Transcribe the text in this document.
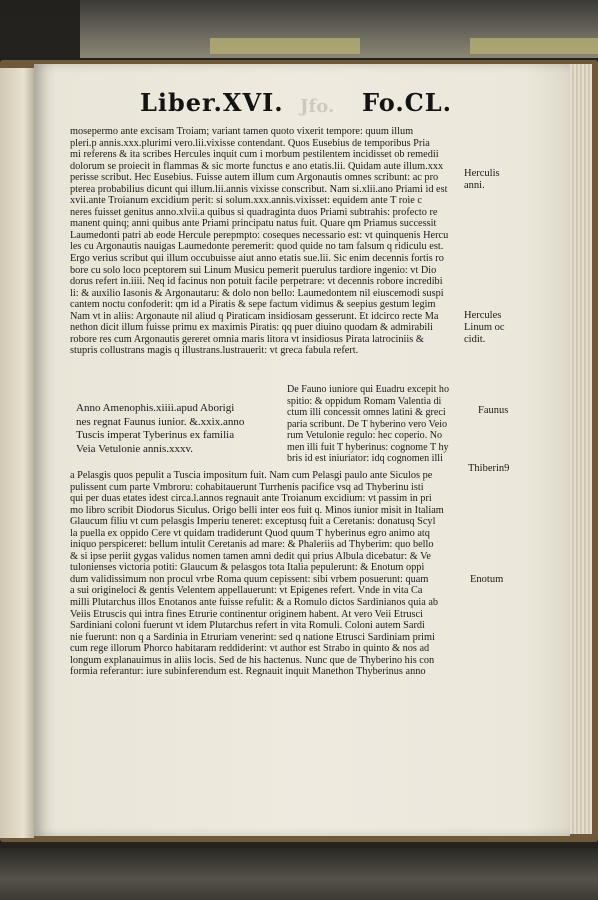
Jfo.
Liber.XVI.	Fo.CL.
mosepermo ante excisam Troiam; variant tamen quoto vixerit tempore: quum illum
pleri.p annis.xxx.plurimi vero.lii.vixisse contendant. Quos Eusebius de temporibus Pria
mi referens & ita scribes Hercules inquit cum i morbum pestilentem incidisset ob remedii
dolorum se proiecit in flammas & sic morte functus e ano etatis.lii. Quidam aute illum.xxx
perisse scribut. Hec Eusebius. Fuisse autem illum cum Argonautis omnes scribunt: ac pro
pterea probabilius dicunt qui illum.lii.annis vixisse conscribut. Nam si.xlii.ano Priami id est
xvii.ante Troianum excidium perit: si solum.xxx.annis.vixisset: equidem ante T roie c
neres fuisset genitus anno.xlvii.a quibus si quadraginta duos Priami subtrahis: profecto re
manent quinq; anni quibus ante Priami principatu natus fuit. Quare qm Priamus successit
Laumedonti patri ab eode Hercule perepmpto: coseques necessario est: vt quinquenis Hercu
les cu Argonautis nauigas Laumedonte peremerit: quod quide no tam falsum q ridiculu est.
Ergo verius scribut qui illum occubuisse aiut anno etatis sue.lii. Sic enim decennis fortis ro
bore cu solo loco pceptorem sui Linum Musicu pemerit puerulus tardiore ingenio: vt Dio
dorus refert in.iiii. Neq id facinus non potuit facile perpetrare: vt decennis robore incredibi
li: & auxilio Iasonis & Argonautaru: & dolo non bello: Laumedontem nil eiuscemodi suspi
cantem noctu confoderit: qm id a Piratis & sepe factum vidimus & seepius gestum legim
Nam vt in aliis: Argonaute nil aliud q Piraticam insidiosam gesserunt. Et idcirco recte Ma
nethon dicit illum fuisse primu ex maximis Piratis: qq puer diuino quodam & admirabili
robore res cum Argonautis gereret omnia maris litora vt insidiosus Pirata latrociniis &
stupris collustrans magis q illustrans.lustrauerit: vt greca fabula refert.
Anno Amenophis.xiiii.apud Aborigi
nes regnat Faunus iunior. &.xxix.anno
Tuscis imperat Tyberinus ex familia
Veia Vetulonie annis.xxxv.
De Fauno iuniore qui Euadru excepit ho
spitio: & oppidum Romam Valentia di
ctum illi concessit omnes latini & greci
paria scribunt. De T hyberino vero Veio
rum Vetulonie regulo: hec coperio. No
men illi fuit T hyberinus: cognome T hy
bris id est iniuriator: idq cognomen illi
a Pelasgis quos pepulit a Tuscia impositum fuit. Nam cum Pelasgi paulo ante Siculos pe
pulissent cum parte Vmbroru: cohabitauerunt Turrhenis pacifice vsq ad Thyberinu isti
qui per duas etates idest circa.l.annos regnauit ante Troianum excidium: vt passim in pri
mo libro scribit Diodorus Siculus. Origo belli inter eos fuit q. Minos iunior misit in Italiam
Glaucum filiu vt cum pelasgis Imperiu teneret: exceptusq fuit a Ceretanis: donatusq Scyl
la puella ex oppido Cere vt quidam tradiderunt Quod quum T hyberinus egro animo atq
iniquo perspiceret: bellum intulit Ceretanis ad mare: & Phaleriis ad Thyberim: quo bello
& si ipse periit gygas validus nomen tamen amni dedit qui prius Albula dicebatur: & Ve
tulonienses victoria potiti: Glaucum & pelasgos tota Italia pepulerunt: & Enotum oppi
dum validissimum non procul vrbe Roma quum cepissent: sibi vrbem posuerunt: quam
a sui origineloci & gentis Velentem appellauerunt: vt Epigenes refert. Vnde in vita Ca
milli Plutarchus illos Enotanos ante fuisse refulit: & a Romulo dictos Sardinianos quia ab
Veiis Etruscis qui intra fines Etrurie continentur originem habent. At vero Veii Etrusci
Sardiniani coloni fuerunt vt idem Plutarchus refert in vita Romuli. Coloni autem Sardi
nie fuerunt: non q a Sardinia in Etruriam venerint: sed q natione Etrusci Sardiniam primi
cum rege illorum Phorco habitaram reddiderint: vt author est Strabo in quinto & nos ad
longum explanauimus in aliis locis. Sed de his hactenus. Nunc que de Thyberino his con
formia referantur: iure subinferendum est. Regnauit inquit Manethon Thyberinus anno
Herculis
anni.
Hercules
Linum oc
cidit.
Faunus
Thiberin9
Enotum
